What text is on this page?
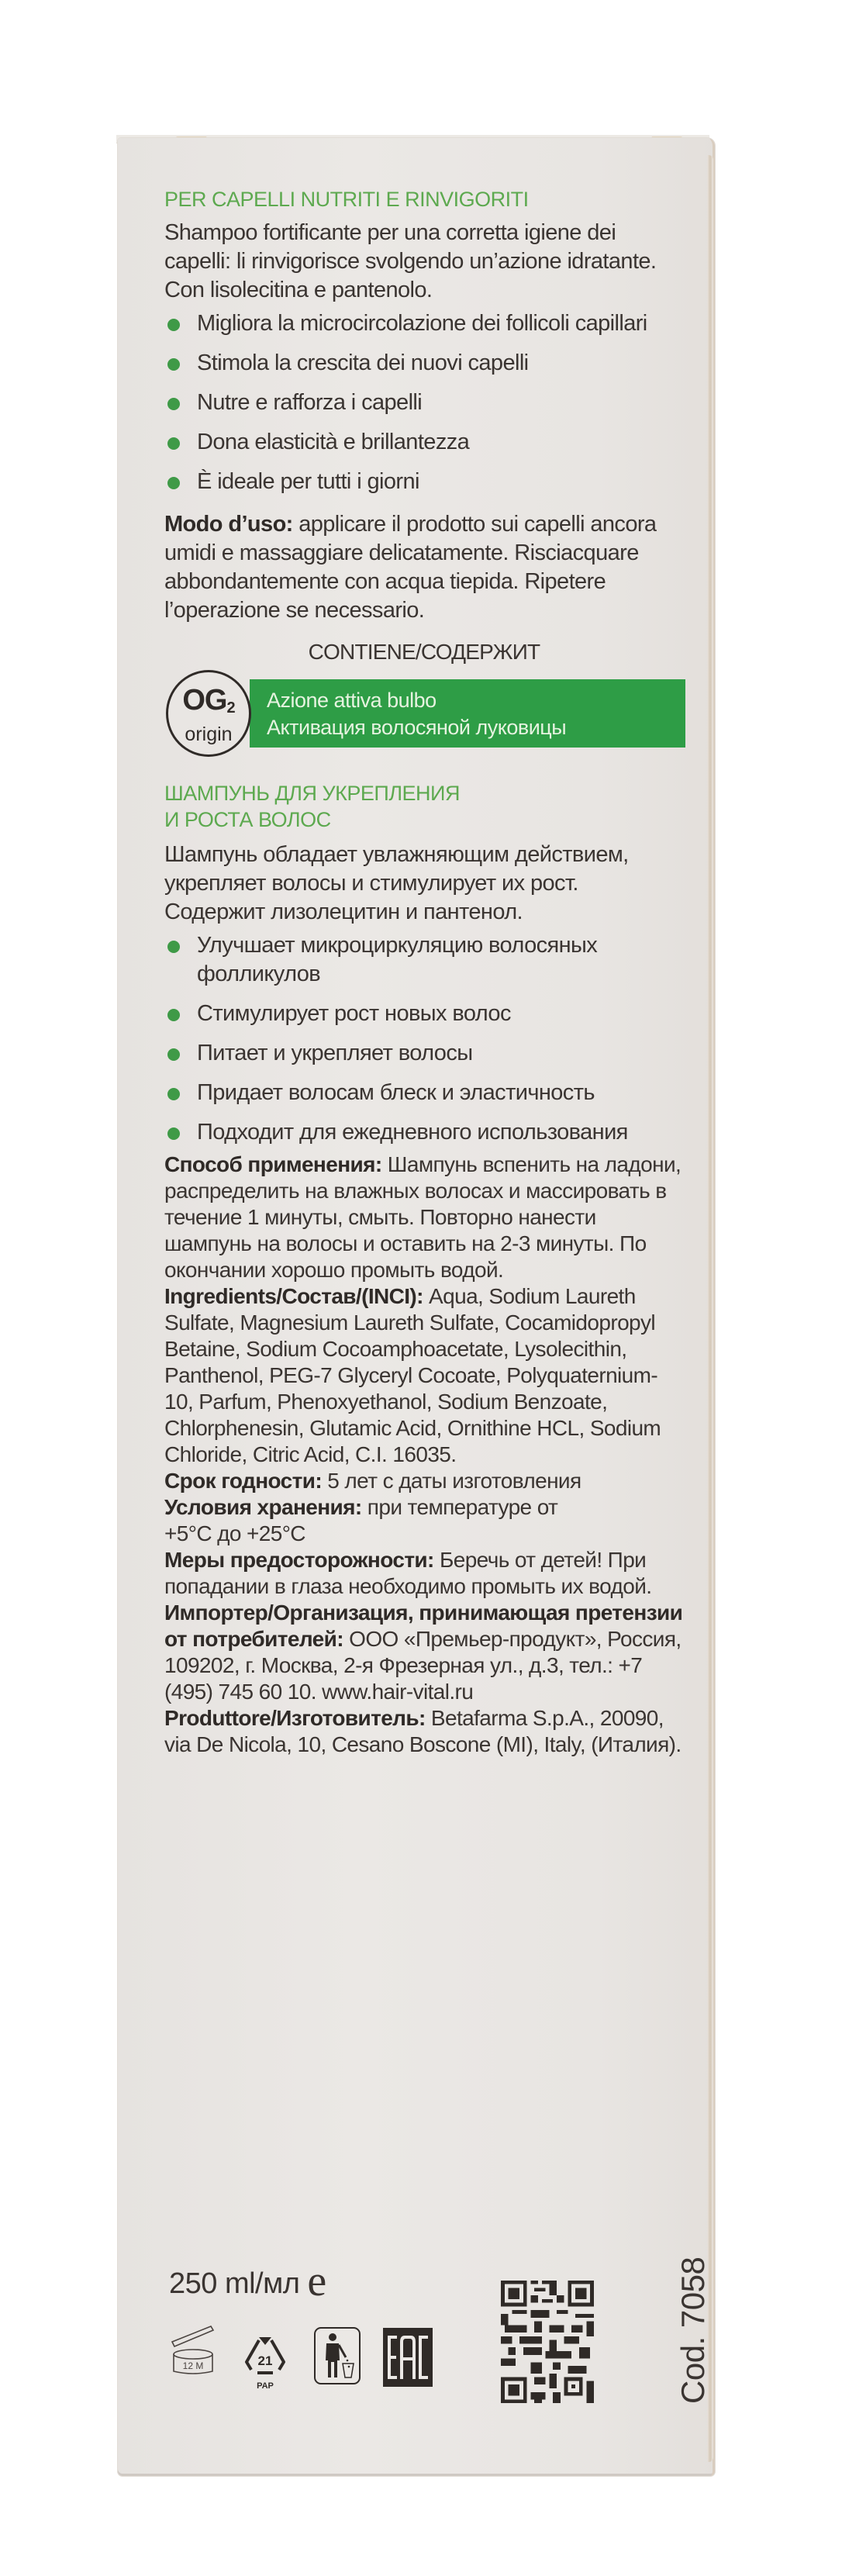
PER CAPELLI NUTRITI E RINVIGORITI

Shampoo fortificante per una corretta igiene dei capelli: li rinvigorisce svolgendo un’azione idratante. Con lisolecitina e pantenolo.

Migliora la microcircolazione dei follicoli capillari
Stimola la crescita dei nuovi capelli
Nutre e rafforza i capelli
Dona elasticità e brillantezza
È ideale per tutti i giorni

Modo d’uso: applicare il prodotto sui capelli ancora umidi e massaggiare delicatamente. Risciacquare abbondantemente con acqua tiepida. Ripetere l’operazione se necessario.

CONTIENE/СОДЕРЖИТ

Azione attiva bulbo
Активация волосяной луковицы
$OG_2$
origin
ШАМПУНЬ ДЛЯ УКРЕПЛЕНИЯ
И РОСТА ВОЛОС

Шампунь обладает увлажняющим действием, укрепляет волосы и стимулирует их рост. Содержит лизолецитин и пантенол.

Улучшает микроциркуляцию волосяных фолликулов
Стимулирует рост новых волос
Питает и укрепляет волосы
Придает волосам блеск и эластичность
Подходит для ежедневного использования

Способ применения: Шампунь вспенить на ладони, распределить на влажных волосах и массировать в течение 1 минуты, смыть. Повторно нанести шампунь на волосы и оставить на 2-3 минуты. По окончании хорошо промыть водой.

Ingredients/Состав/(INCI): Aqua, Sodium Laureth Sulfate, Magnesium Laureth Sulfate, Cocamidopropyl Betaine, Sodium Cocoamphoacetate, Lysolecithin, Panthenol, PEG-7 Glyceryl Cocoate, Polyquaternium-10, Parfum, Phenoxyethanol, Sodium Benzoate, Chlorphenesin, Glutamic Acid, Ornithine HCL, Sodium Chloride, Citric Acid, C.I. 16035.

Срок годности: 5 лет с даты изготовления

Условия хранения: при температуре от +5°C до +25°C

Меры предосторожности: Беречь от детей! При попадании в глаза необходимо промыть их водой.

Импортер/Организация, принимающая претензии от потребителей: ООО «Премьер-продукт», Россия, 109202, г. Москва, 2-я Фрезерная ул., д.3, тел.: +7 (495) 745 60 10. www.hair-vital.ru

Produttore/Изготовитель: Betafarma S.p.A., 20090, via De Nicola, 10, Cesano Boscone (MI), Italy, (Италия).

250 ml/мл e
12 M	21
PAP	Cod. 7058
